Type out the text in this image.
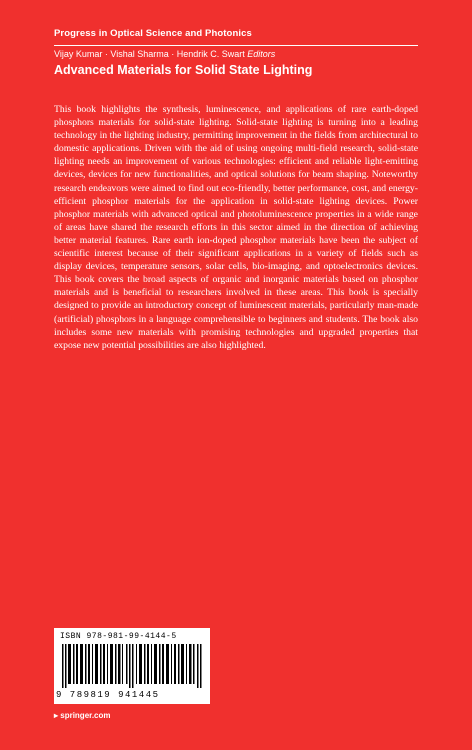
Progress in Optical Science and Photonics
Vijay Kumar · Vishal Sharma · Hendrik C. Swart Editors
Advanced Materials for Solid State Lighting

This book highlights the synthesis, luminescence, and applications of rare earth-doped phosphors materials for solid-state lighting. Solid-state lighting is turning into a leading technology in the lighting industry, permitting improvement in the fields from architectural to domestic applications. Driven with the aid of using ongoing multi-field research, solid-state lighting needs an improvement of various technologies: efficient and reliable light-emitting devices, devices for new functionalities, and optical solutions for beam shaping. Noteworthy research endeavors were aimed to find out eco-friendly, better performance, cost, and energy-efficient phosphor materials for the application in solid-state lighting devices. Power phosphor materials with advanced optical and photoluminescence properties in a wide range of areas have shared the research efforts in this sector aimed in the direction of achieving better material features. Rare earth ion-doped phosphor materials have been the subject of scientific interest because of their significant applications in a variety of fields such as display devices, temperature sensors, solar cells, bio-imaging, and optoelectronics devices. This book covers the broad aspects of organic and inorganic materials based on phosphor materials and is beneficial to researchers involved in these areas. This book is specially designed to provide an introductory concept of luminescent materials, particularly man-made (artificial) phosphors in a language comprehensible to beginners and students. The book also includes some new materials with promising technologies and upgraded properties that expose new potential possibilities are also highlighted.

ISBN 978-981-99-4144-5
9 789819 941445
▸ springer.com
